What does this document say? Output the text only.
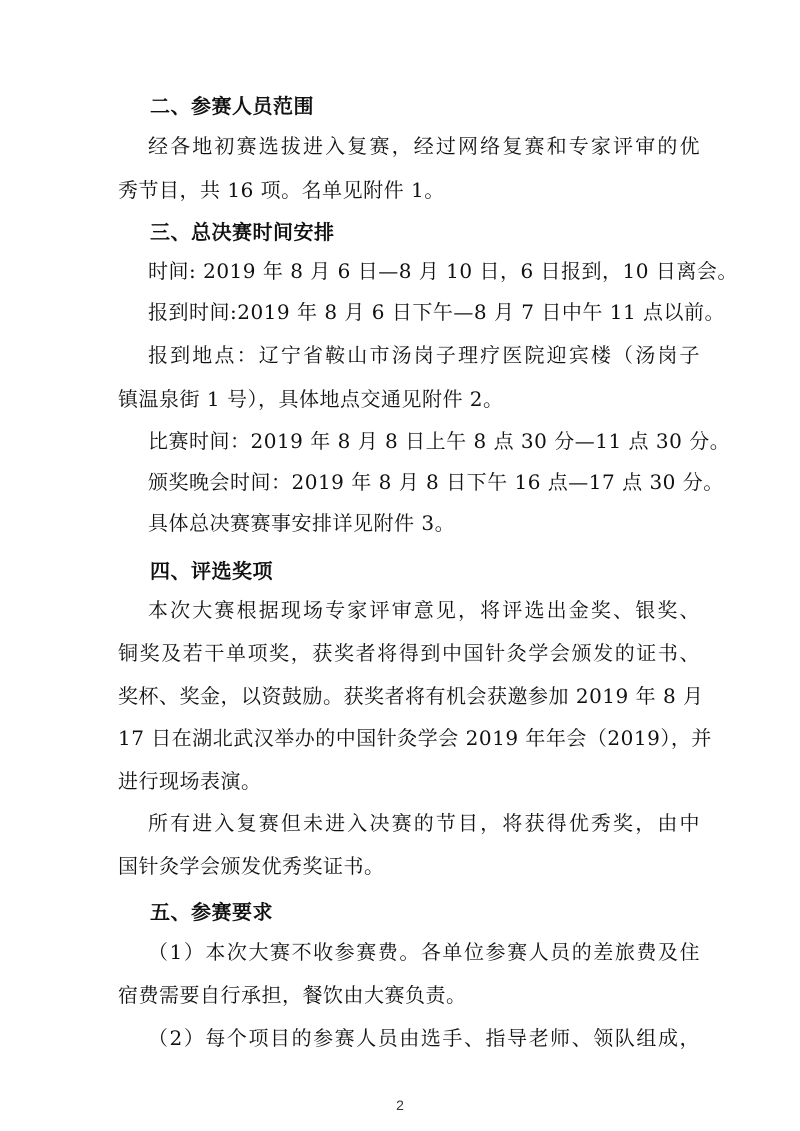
二、参赛人员范围
经各地初赛选拔进入复赛，经过网络复赛和专家评审的优
秀节目，共 16 项。名单见附件 1。
三、总决赛时间安排
时间: 2019 年 8 月 6 日—8 月 10 日，6 日报到，10 日离会。
报到时间:2019 年 8 月 6 日下午—8 月 7 日中午 11 点以前。
报到地点：辽宁省鞍山市汤岗子理疗医院迎宾楼（汤岗子
镇温泉街 1 号），具体地点交通见附件 2。
比赛时间：2019 年 8 月 8 日上午 8 点 30 分—11 点 30 分。
颁奖晚会时间：2019 年 8 月 8 日下午 16 点—17 点 30 分。
具体总决赛赛事安排详见附件 3。
四、评选奖项
本次大赛根据现场专家评审意见，将评选出金奖、银奖、
铜奖及若干单项奖，获奖者将得到中国针灸学会颁发的证书、
奖杯、奖金，以资鼓励。获奖者将有机会获邀参加 2019 年 8 月
17 日在湖北武汉举办的中国针灸学会 2019 年年会（2019），并
进行现场表演。
所有进入复赛但未进入决赛的节目，将获得优秀奖，由中
国针灸学会颁发优秀奖证书。
五、参赛要求
（1）本次大赛不收参赛费。各单位参赛人员的差旅费及住
宿费需要自行承担，餐饮由大赛负责。
（2）每个项目的参赛人员由选手、指导老师、领队组成，
2
